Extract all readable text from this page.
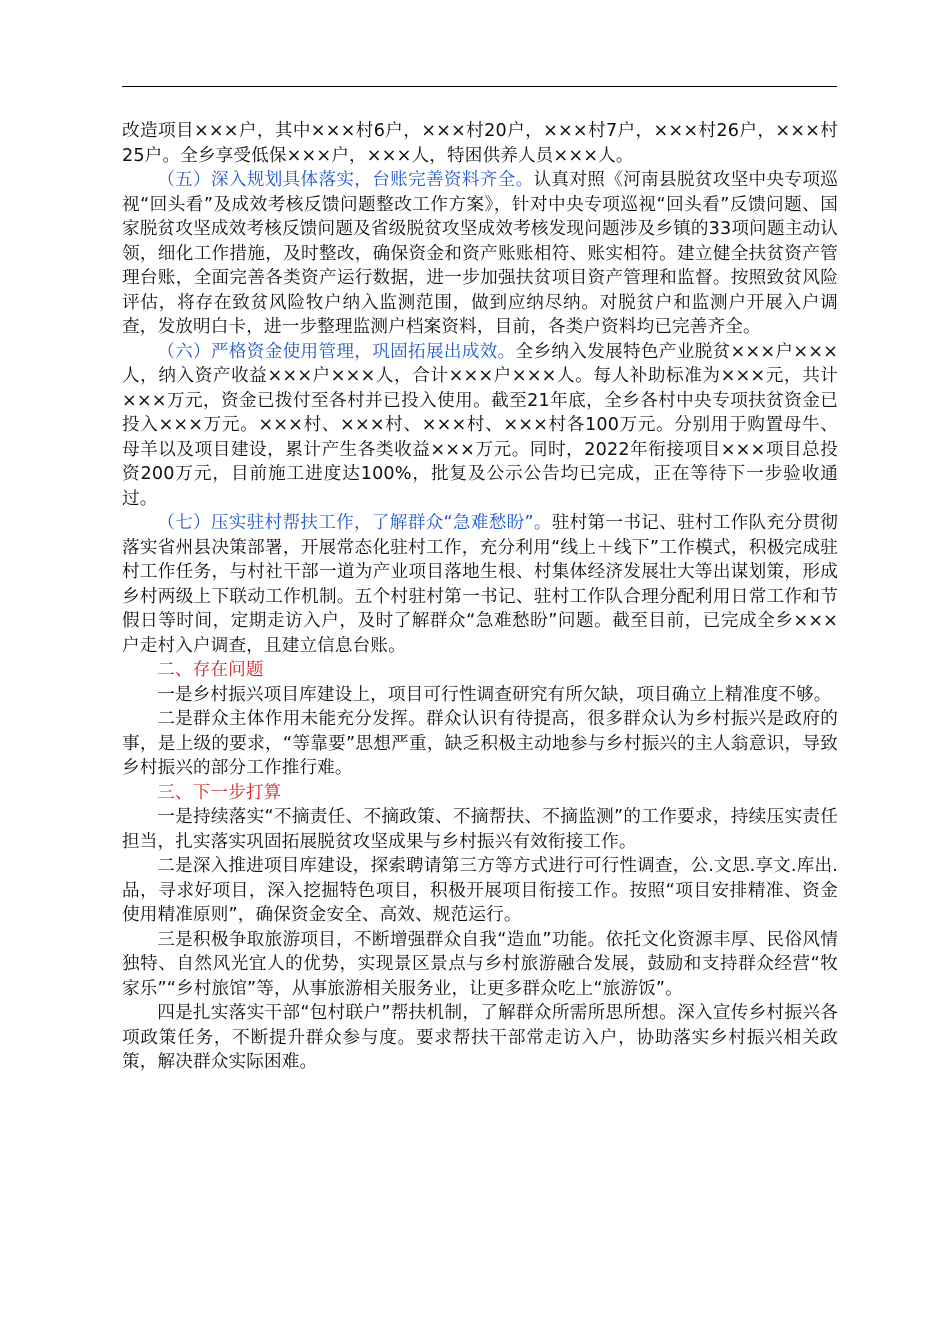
改造项目×××户，其中×××村6户，×××村20户，×××村7户，×××村26户，×××村25户。全乡享受低保×××户，×××人，特困供养人员×××人。

（五）深入规划具体落实，台账完善资料齐全。认真对照《河南县脱贫攻坚中央专项巡视“回头看”及成效考核反馈问题整改工作方案》，针对中央专项巡视“回头看”反馈问题、国家脱贫攻坚成效考核反馈问题及省级脱贫攻坚成效考核发现问题涉及乡镇的33项问题主动认领，细化工作措施，及时整改，确保资金和资产账账相符、账实相符。建立健全扶贫资产管理台账，全面完善各类资产运行数据，进一步加强扶贫项目资产管理和监督。按照致贫风险评估，将存在致贫风险牧户纳入监测范围，做到应纳尽纳。对脱贫户和监测户开展入户调查，发放明白卡，进一步整理监测户档案资料，目前，各类户资料均已完善齐全。

（六）严格资金使用管理，巩固拓展出成效。全乡纳入发展特色产业脱贫×××户×××人，纳入资产收益×××户×××人，合计×××户×××人。每人补助标准为×××元，共计×××万元，资金已拨付至各村并已投入使用。截至21年底，全乡各村中央专项扶贫资金已投入×××万元。×××村、×××村、×××村、×××村各100万元。分别用于购置母牛、母羊以及项目建设，累计产生各类收益×××万元。同时，2022年衔接项目×××项目总投资200万元，目前施工进度达100%，批复及公示公告均已完成，正在等待下一步验收通过。

（七）压实驻村帮扶工作，了解群众“急难愁盼”。驻村第一书记、驻村工作队充分贯彻落实省州县决策部署，开展常态化驻村工作，充分利用“线上＋线下”工作模式，积极完成驻村工作任务，与村社干部一道为产业项目落地生根、村集体经济发展壮大等出谋划策，形成乡村两级上下联动工作机制。五个村驻村第一书记、驻村工作队合理分配利用日常工作和节假日等时间，定期走访入户，及时了解群众“急难愁盼”问题。截至目前，已完成全乡×××户走村入户调查，且建立信息台账。

二、存在问题

一是乡村振兴项目库建设上，项目可行性调查研究有所欠缺，项目确立上精准度不够。

二是群众主体作用未能充分发挥。群众认识有待提高，很多群众认为乡村振兴是政府的事，是上级的要求，“等靠要”思想严重，缺乏积极主动地参与乡村振兴的主人翁意识，导致乡村振兴的部分工作推行难。

三、下一步打算

一是持续落实“不摘责任、不摘政策、不摘帮扶、不摘监测”的工作要求，持续压实责任担当，扎实落实巩固拓展脱贫攻坚成果与乡村振兴有效衔接工作。

二是深入推进项目库建设，探索聘请第三方等方式进行可行性调查，公.文思.享文.库出.品，寻求好项目，深入挖掘特色项目，积极开展项目衔接工作。按照“项目安排精准、资金使用精准原则”，确保资金安全、高效、规范运行。

三是积极争取旅游项目，不断增强群众自我“造血”功能。依托文化资源丰厚、民俗风情独特、自然风光宜人的优势，实现景区景点与乡村旅游融合发展，鼓励和支持群众经营“牧家乐”“乡村旅馆”等，从事旅游相关服务业，让更多群众吃上“旅游饭”。

四是扎实落实干部“包村联户”帮扶机制，了解群众所需所思所想。深入宣传乡村振兴各项政策任务，不断提升群众参与度。要求帮扶干部常走访入户，协助落实乡村振兴相关政策，解决群众实际困难。
